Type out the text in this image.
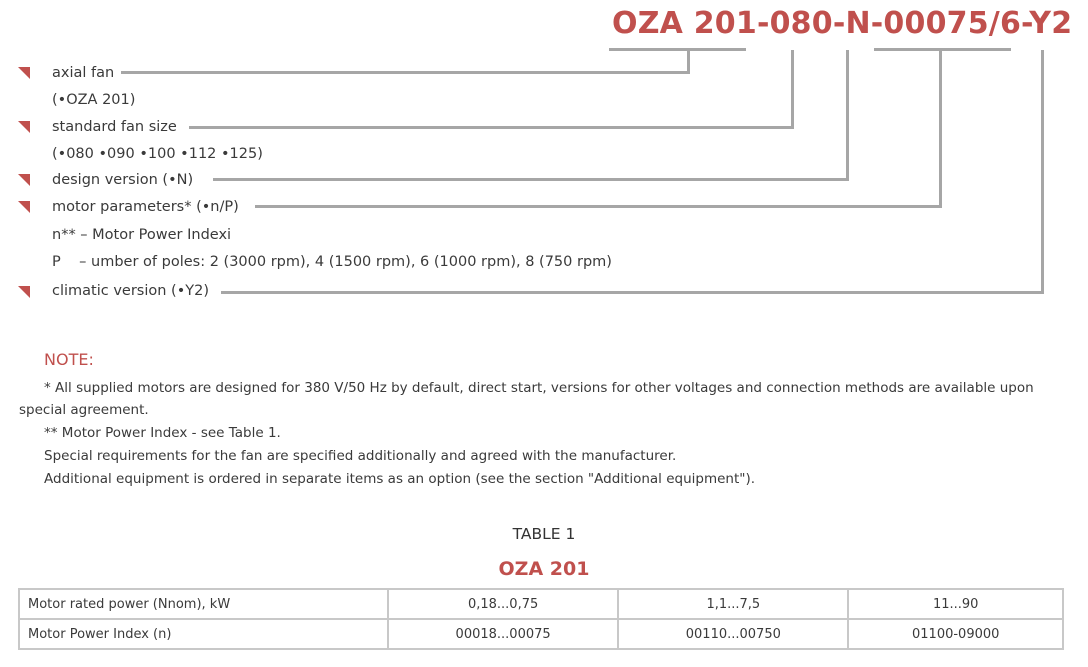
OZA 201-080-N-00075/6-Y2
axial fan
(•OZA 201)
standard fan size
(•080 •090 •100 •112 •125)
design version (•N)
motor parameters* (•n/P)
n** – Motor Power Indexi
P    – umber of poles: 2 (3000 rpm), 4 (1500 rpm), 6 (1000 rpm), 8 (750 rpm)
climatic version (•Y2)
NOTE:
* All supplied motors are designed for 380 V/50 Hz by default, direct start, versions for other voltages and connection methods are available upon
special agreement.
** Motor Power Index - see Table 1.
Special requirements for the fan are specified additionally and agreed with the manufacturer.
Additional equipment is ordered in separate items as an option (see the section "Additional equipment").
TABLE 1
OZA 201
Motor rated power (Nnom), kW	0,18...0,75	1,1...7,5	11...90
Motor Power Index (n)	00018...00075	00110...00750	01100-09000
